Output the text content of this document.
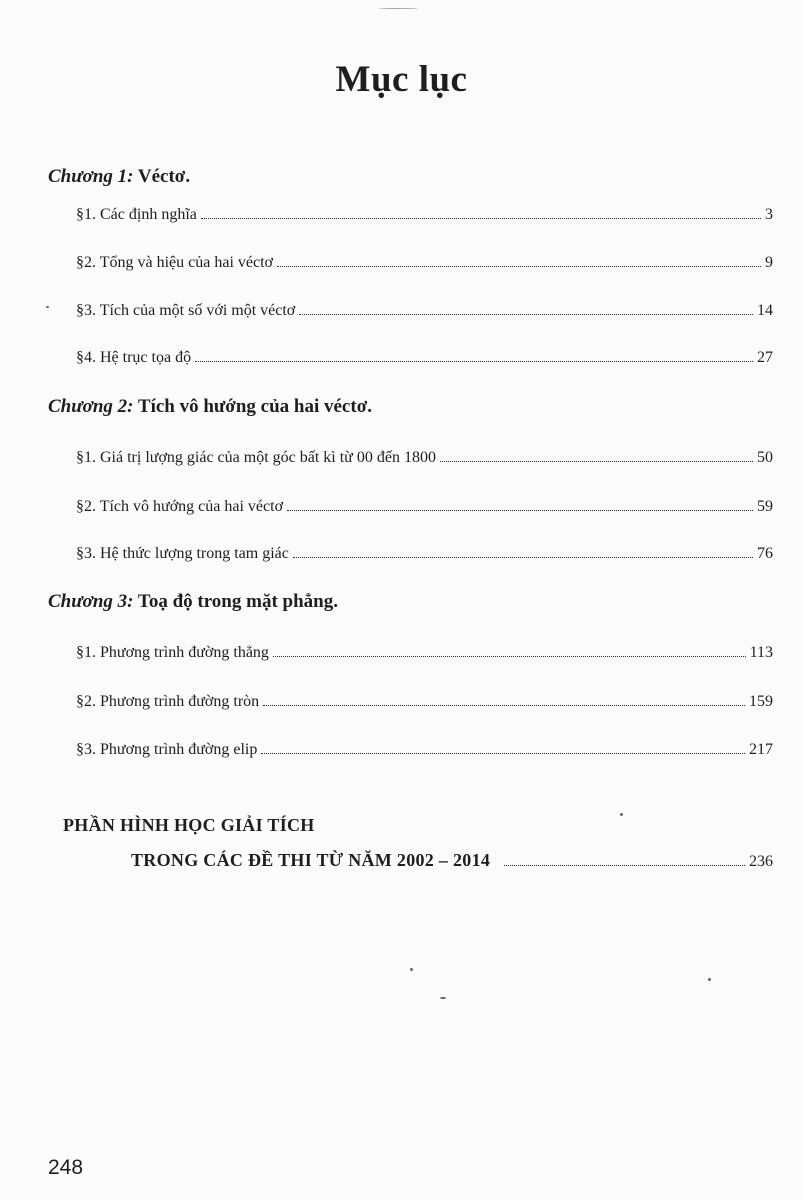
Mục lục
Chương 1: Véctơ.
§1. Các định nghĩa	3
§2. Tổng và hiệu của hai véctơ	9
§3. Tích của một số với một véctơ	14
§4. Hệ trục tọa độ	27
Chương 2: Tích vô hướng của hai véctơ.
§1. Giá trị lượng giác của một góc bất kì từ 00 đến 1800	50
§2. Tích vô hướng của hai véctơ	59
§3. Hệ thức lượng trong tam giác	76
Chương 3: Toạ độ trong mặt phẳng.
§1. Phương trình đường thẳng	113
§2. Phương trình đường tròn	159
§3. Phương trình đường elip	217
PHẦN HÌNH HỌC GIẢI TÍCH
TRONG CÁC ĐỀ THI TỪ NĂM 2002 – 2014	236
248
